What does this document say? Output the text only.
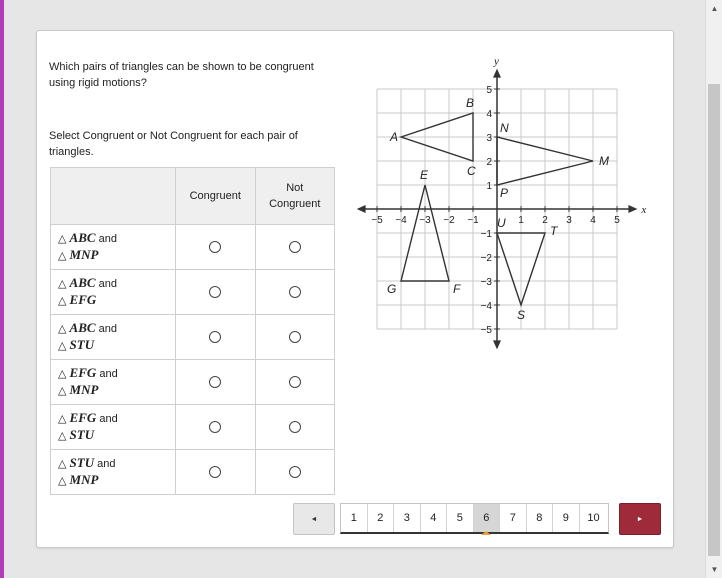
Which pairs of triangles can be shown to be congruent using rigid motions?
Select Congruent or Not Congruent for each pair of triangles.
	Congruent	Not
Congruent
△ ABC and
△ MNP		
△ ABC and
△ EFG		
△ ABC and
△ STU		
△ EFG and
△ MNP		
△ EFG and
△ STU		
△ STU and
△ MNP		
x
y
−5 −4 −3 −2 −1	1 2 3 4 5
5
4
3
2
1
−1
−2
−3
−4
−5
A
B
C
M
N
P
E
F
G
S
T
U
◄	1	2	3	4	5	6	7	8	9	10	►
▲
▼
